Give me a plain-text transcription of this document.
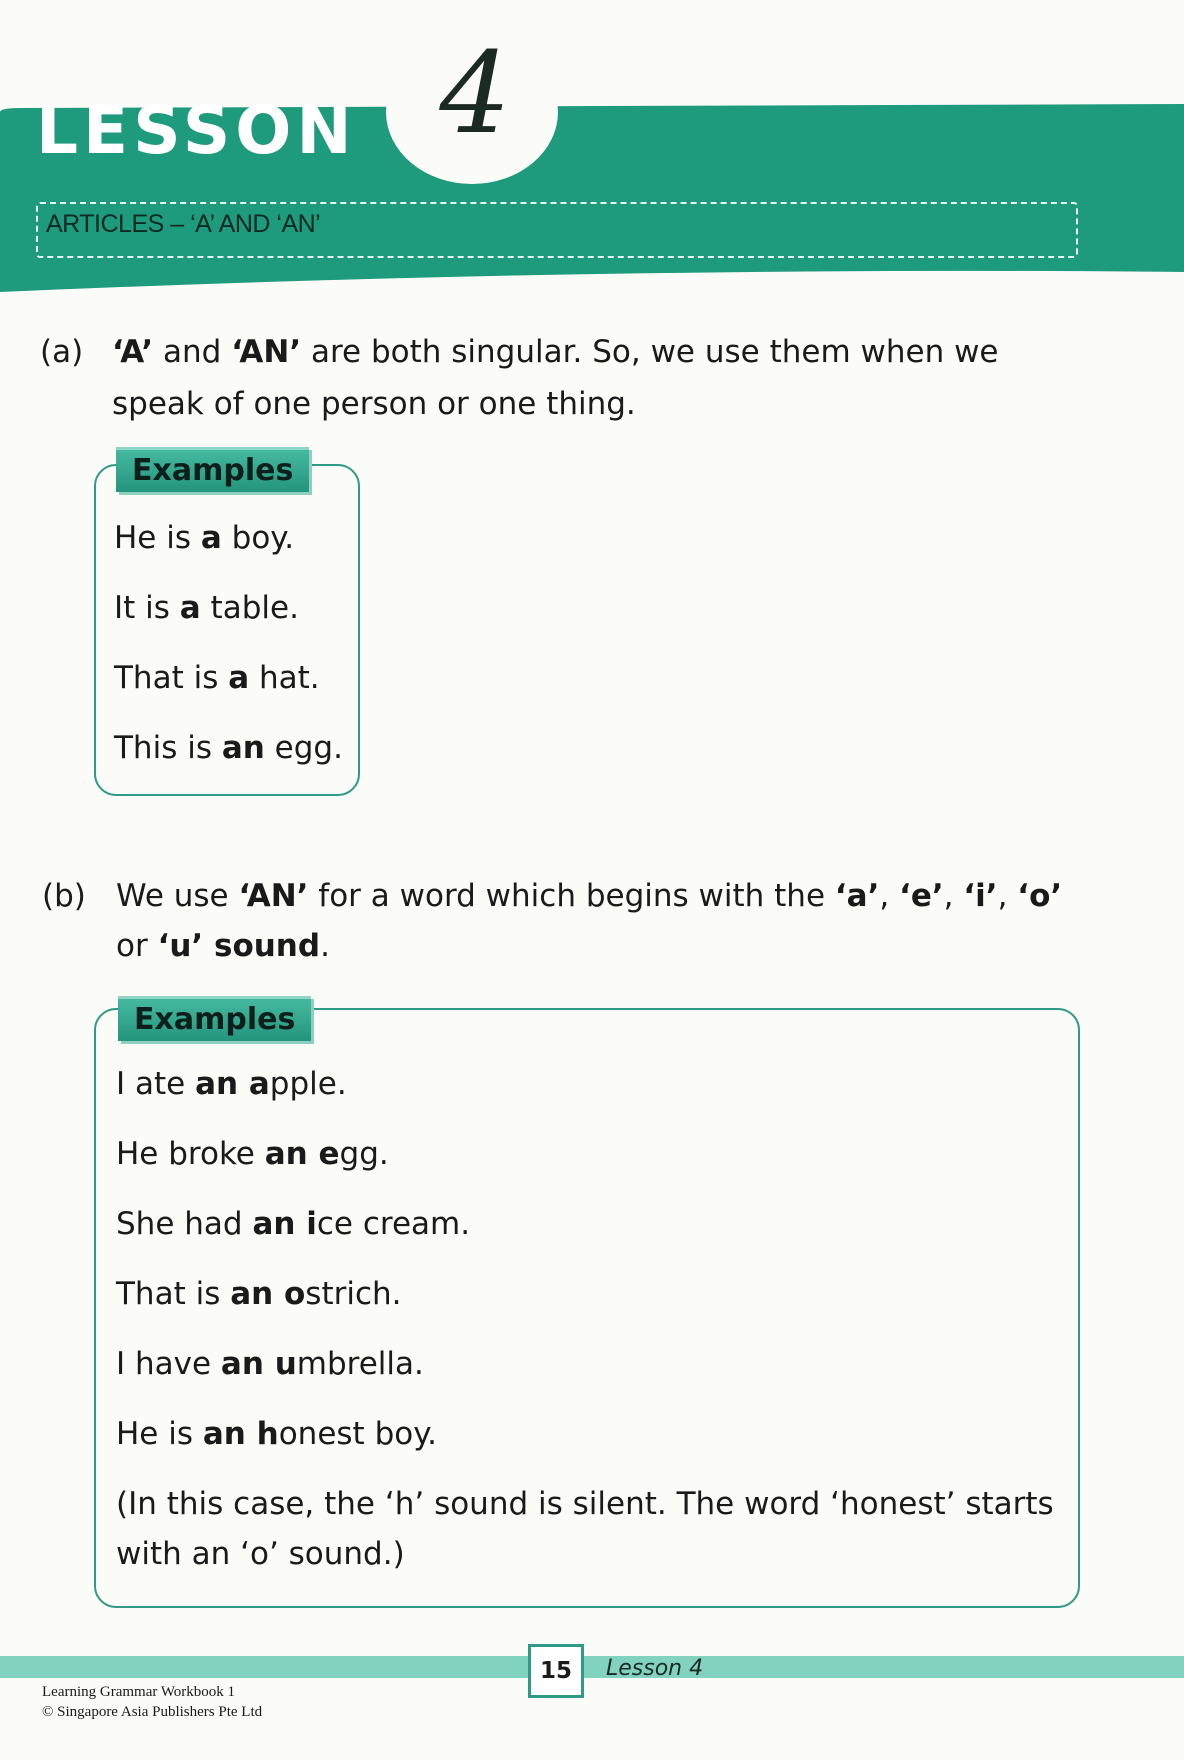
LESSON 4
ARTICLES – ‘A’ AND ‘AN’
(a) ‘A’ and ‘AN’ are both singular. So, we use them when we
speak of one person or one thing.
Examples
He is a boy.
It is a table.
That is a hat.
This is an egg.
(b) We use ‘AN’ for a word which begins with the ‘a’, ‘e’, ‘i’, ‘o’
or ‘u’ sound.
Examples
I ate an apple.
He broke an egg.
She had an ice cream.
That is an ostrich.
I have an umbrella.
He is an honest boy.
(In this case, the ‘h’ sound is silent. The word ‘honest’ starts
with an ‘o’ sound.)
15	Lesson 4
Learning Grammar Workbook 1
© Singapore Asia Publishers Pte Ltd
